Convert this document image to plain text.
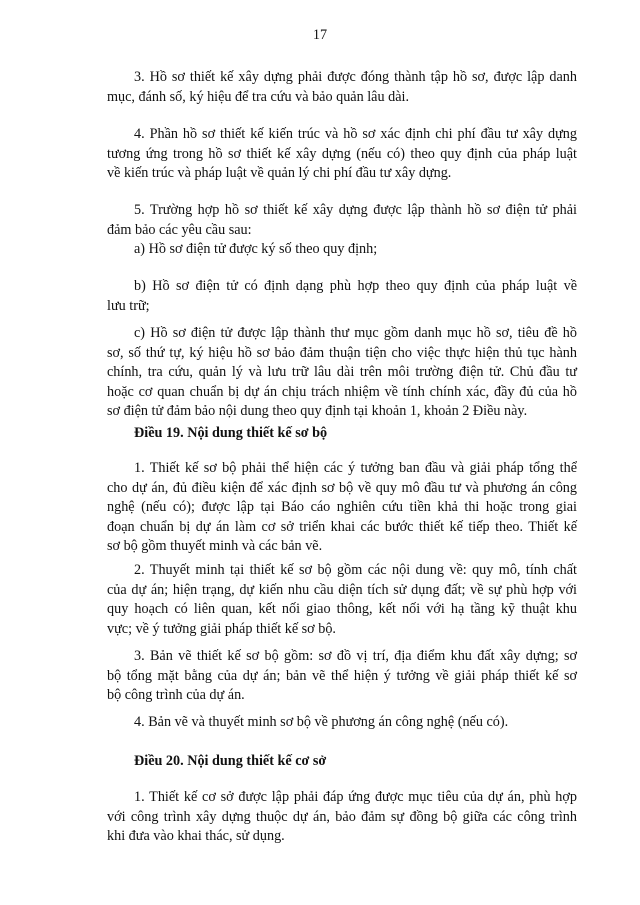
17

3. Hồ sơ thiết kế xây dựng phải được đóng thành tập hồ sơ, được lập danh
mục, đánh số, ký hiệu để tra cứu và bảo quản lâu dài.

4. Phần hồ sơ thiết kế kiến trúc và hồ sơ xác định chi phí đầu tư xây dựng
tương ứng trong hồ sơ thiết kế xây dựng (nếu có) theo quy định của pháp luật
về kiến trúc và pháp luật về quản lý chi phí đầu tư xây dựng.

5. Trường hợp hồ sơ thiết kế xây dựng được lập thành hồ sơ điện tử phải
đảm bảo các yêu cầu sau:

a) Hồ sơ điện tử được ký số theo quy định;

b) Hồ sơ điện tử có định dạng phù hợp theo quy định của pháp luật về
lưu trữ;

c) Hồ sơ điện tử được lập thành thư mục gồm danh mục hồ sơ, tiêu đề hồ
sơ, số thứ tự, ký hiệu hồ sơ bảo đảm thuận tiện cho việc thực hiện thủ tục hành
chính, tra cứu, quản lý và lưu trữ lâu dài trên môi trường điện tử. Chủ đầu tư
hoặc cơ quan chuẩn bị dự án chịu trách nhiệm về tính chính xác, đầy đủ của hồ
sơ điện tử đảm bảo nội dung theo quy định tại khoản 1, khoản 2 Điều này.

Điều 19. Nội dung thiết kế sơ bộ

1. Thiết kế sơ bộ phải thể hiện các ý tưởng ban đầu và giải pháp tổng thể
cho dự án, đủ điều kiện để xác định sơ bộ về quy mô đầu tư và phương án công
nghệ (nếu có); được lập tại Báo cáo nghiên cứu tiền khả thi hoặc trong giai
đoạn chuẩn bị dự án làm cơ sở triển khai các bước thiết kế tiếp theo. Thiết kế
sơ bộ gồm thuyết minh và các bản vẽ.

2. Thuyết minh tại thiết kế sơ bộ gồm các nội dung về: quy mô, tính chất
của dự án; hiện trạng, dự kiến nhu cầu diện tích sử dụng đất; về sự phù hợp với
quy hoạch có liên quan, kết nối giao thông, kết nối với hạ tầng kỹ thuật khu
vực; về ý tưởng giải pháp thiết kế sơ bộ.

3. Bản vẽ thiết kế sơ bộ gồm: sơ đồ vị trí, địa điểm khu đất xây dựng; sơ
bộ tổng mặt bằng của dự án; bản vẽ thể hiện ý tưởng về giải pháp thiết kế sơ
bộ công trình của dự án.

4. Bản vẽ và thuyết minh sơ bộ về phương án công nghệ (nếu có).

Điều 20. Nội dung thiết kế cơ sở

1. Thiết kế cơ sở được lập phải đáp ứng được mục tiêu của dự án, phù hợp
với công trình xây dựng thuộc dự án, bảo đảm sự đồng bộ giữa các công trình
khi đưa vào khai thác, sử dụng.
